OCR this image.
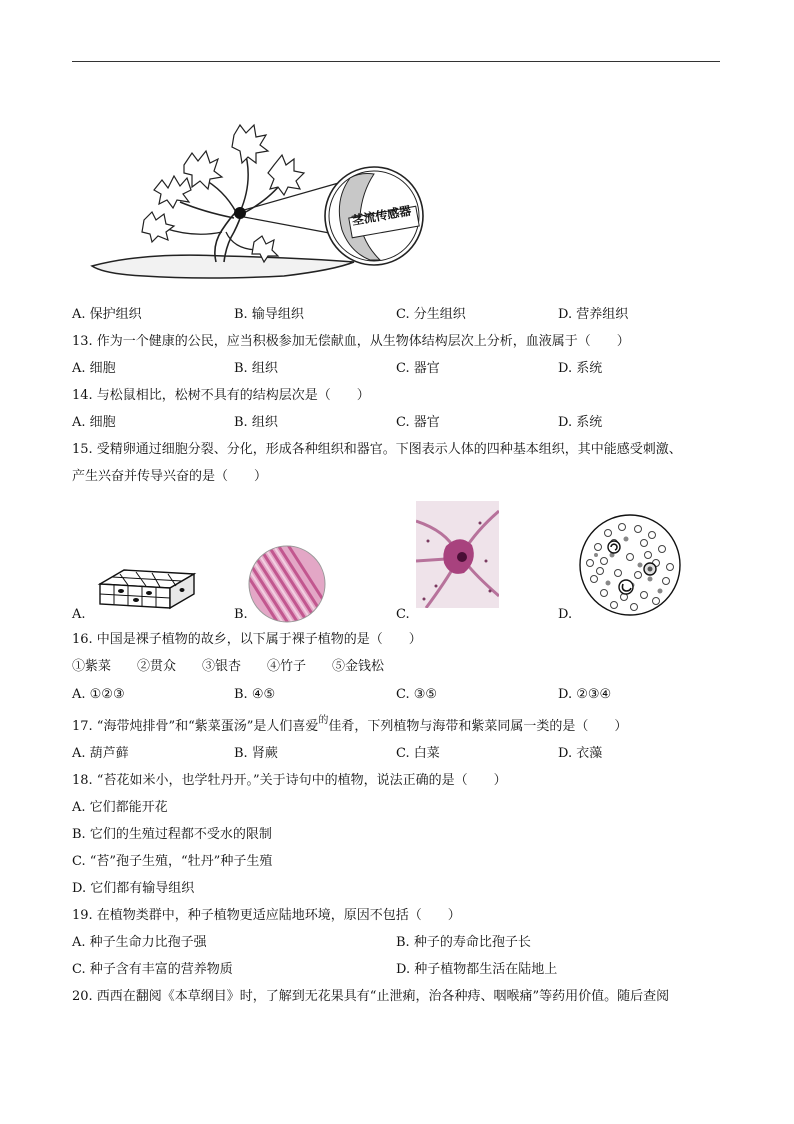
茎流传感器
A. 保护组织	B. 输导组织	C. 分生组织	D. 营养组织
13. 作为一个健康的公民，应当积极参加无偿献血，从生物体结构层次上分析，血液属于（　　）
A. 细胞	B. 组织	C. 器官	D. 系统
14. 与松鼠相比，松树不具有的结构层次是（　　）
A. 细胞	B. 组织	C. 器官	D. 系统
15. 受精卵通过细胞分裂、分化，形成各种组织和器官。下图表示人体的四种基本组织，其中能感受刺激、
产生兴奋并传导兴奋的是（　　）
A.	B.	C.	D.
16. 中国是裸子植物的故乡，以下属于裸子植物的是（　　）
①紫菜　　②贯众　　③银杏　　④竹子　　⑤金钱松
A. ①②③	B. ④⑤	C. ③⑤	D. ②③④
17. “海带炖排骨”和“紫菜蛋汤”是人们喜爱$^的$佳肴，下列植物与海带和紫菜同属一类的是（　　）
A. 葫芦藓	B. 肾蕨	C. 白菜	D. 衣藻
18. “苔花如米小，也学牡丹开。”关于诗句中的植物，说法正确的是（　　）
A. 它们都能开花
B. 它们的生殖过程都不受水的限制
C. “苔”孢子生殖，“牡丹”种子生殖
D. 它们都有输导组织
19. 在植物类群中，种子植物更适应陆地环境，原因不包括（　　）
A. 种子生命力比孢子强	B. 种子的寿命比孢子长
C. 种子含有丰富的营养物质	D. 种子植物都生活在陆地上
20. 西西在翻阅《本草纲目》时，了解到无花果具有“止泄痢，治各种痔、咽喉痛”等药用价值。随后查阅
